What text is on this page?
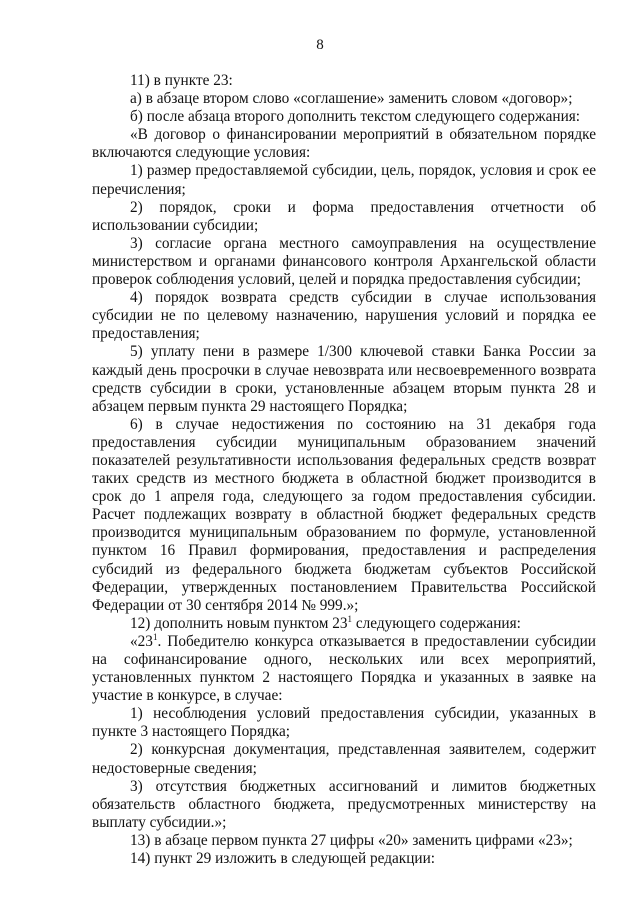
8

11) в пункте 23:

а) в абзаце втором слово «соглашение» заменить словом «договор»;

б) после абзаца второго дополнить текстом следующего содержания:

«В договор о финансировании мероприятий в обязательном порядке включаются следующие условия:

1) размер предоставляемой субсидии, цель, порядок, условия и срок ее перечисления;

2) порядок, сроки и форма предоставления отчетности об использовании субсидии;

3) согласие органа местного самоуправления на осуществление министерством и органами финансового контроля Архангельской области проверок соблюдения условий, целей и порядка предоставления субсидии;

4) порядок возврата средств субсидии в случае использования субсидии не по целевому назначению, нарушения условий и порядка ее предоставления;

5) уплату пени в размере 1/300 ключевой ставки Банка России за каждый день просрочки в случае невозврата или несвоевременного возврата средств субсидии в сроки, установленные абзацем вторым пункта 28 и абзацем первым пункта 29 настоящего Порядка;

6) в случае недостижения по состоянию на 31 декабря года предоставления субсидии муниципальным образованием значений показателей результативности использования федеральных средств возврат таких средств из местного бюджета в областной бюджет производится в срок до 1 апреля года, следующего за годом предоставления субсидии. Расчет подлежащих возврату в областной бюджет федеральных средств производится муниципальным образованием по формуле, установленной пунктом 16 Правил формирования, предоставления и распределения субсидий из федерального бюджета бюджетам субъектов Российской Федерации, утвержденных постановлением Правительства Российской Федерации от 30 сентября 2014 № 999.»;

12) дополнить новым пунктом $23^1$ следующего содержания:

«$23^1$. Победителю конкурса отказывается в предоставлении субсидии на софинансирование одного, нескольких или всех мероприятий, установленных пунктом 2 настоящего Порядка и указанных в заявке на участие в конкурсе, в случае:

1) несоблюдения условий предоставления субсидии, указанных в пункте 3 настоящего Порядка;

2) конкурсная документация, представленная заявителем, содержит недостоверные сведения;

3) отсутствия бюджетных ассигнований и лимитов бюджетных обязательств областного бюджета, предусмотренных министерству на выплату субсидии.»;

13) в абзаце первом пункта 27 цифры «20» заменить цифрами «23»;

14) пункт 29 изложить в следующей редакции:
